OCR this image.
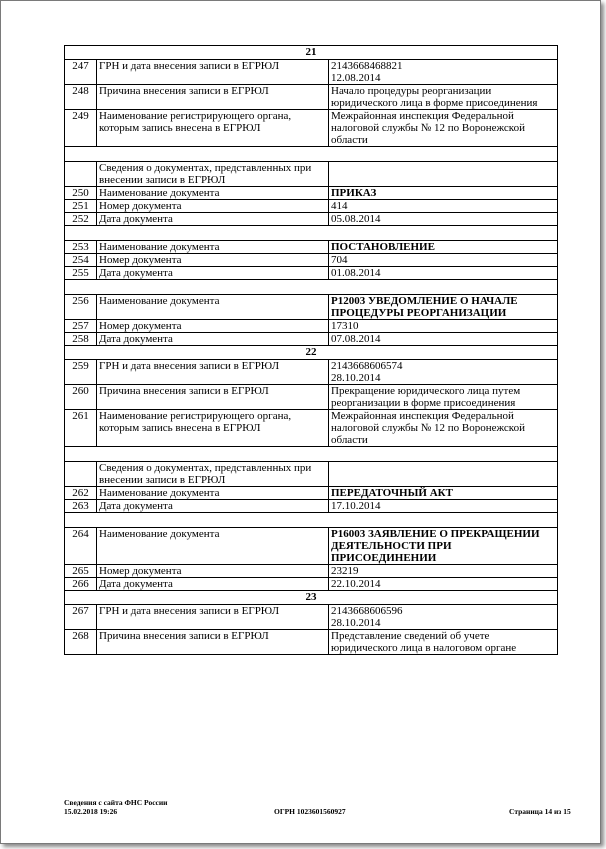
21		
247	ГРН и дата внесения записи в ЕГРЮЛ	2143668468821
12.08.2014
248	Причина внесения записи в ЕГРЮЛ	Начало процедуры реорганизации юридического лица в форме присоединения
249	Наименование регистрирующего органа, которым запись внесена в ЕГРЮЛ	Межрайонная инспекция Федеральной налоговой службы № 12 по Воронежской области

	Сведения о документах, представленных при внесении записи в ЕГРЮЛ	
250	Наименование документа	ПРИКАЗ
251	Номер документа	414
252	Дата документа	05.08.2014

253	Наименование документа	ПОСТАНОВЛЕНИЕ
254	Номер документа	704
255	Дата документа	01.08.2014

256	Наименование документа	Р12003 УВЕДОМЛЕНИЕ О НАЧАЛЕ ПРОЦЕДУРЫ РЕОРГАНИЗАЦИИ
257	Номер документа	17310
258	Дата документа	07.08.2014
22		
259	ГРН и дата внесения записи в ЕГРЮЛ	2143668606574
28.10.2014
260	Причина внесения записи в ЕГРЮЛ	Прекращение юридического лица путем реорганизации в форме присоединения
261	Наименование регистрирующего органа, которым запись внесена в ЕГРЮЛ	Межрайонная инспекция Федеральной налоговой службы № 12 по Воронежской области

	Сведения о документах, представленных при внесении записи в ЕГРЮЛ	
262	Наименование документа	ПЕРЕДАТОЧНЫЙ АКТ
263	Дата документа	17.10.2014

264	Наименование документа	Р16003 ЗАЯВЛЕНИЕ О ПРЕКРАЩЕНИИ ДЕЯТЕЛЬНОСТИ ПРИ ПРИСОЕДИНЕНИИ
265	Номер документа	23219
266	Дата документа	22.10.2014
23		
267	ГРН и дата внесения записи в ЕГРЮЛ	2143668606596
28.10.2014
268	Причина внесения записи в ЕГРЮЛ	Представление сведений об учете юридического лица в налоговом органе
Сведения с сайта ФНС России
15.02.2018 19:26	ОГРН 1023601560927	Страница 14 из 15
